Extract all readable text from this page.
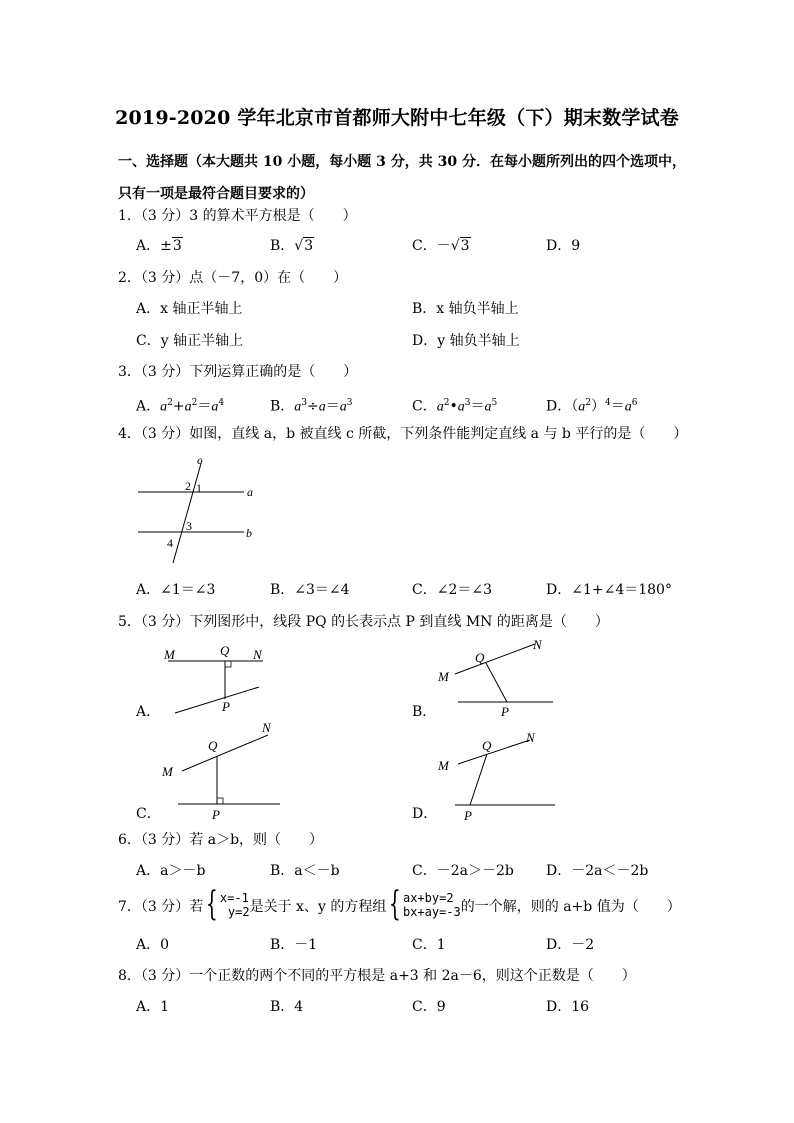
2019-2020 学年北京市首都师大附中七年级（下）期末数学试卷
一、选择题（本大题共 10 小题，每小题 3 分，共 30 分．在每小题所列出的四个选项中，只有一项是最符合题目要求的）
1．（3 分）3 的算术平方根是（　　）
A．±3	B．√3	C．－√3	D．9
2．（3 分）点（－7，0）在（　　）
A．x 轴正半轴上	B．x 轴负半轴上
C．y 轴正半轴上	D．y 轴负半轴上
3．（3 分）下列运算正确的是（　　）
A．$a^2+a^2=a^4$	B．$a^3\div a=a^3$	C．$a^2•a^3=a^5$	D．$(a^2)^4=a^6$
4．（3 分）如图，直线 a，b 被直线 c 所截，下列条件能判定直线 a 与 b 平行的是（　　）
c
2 1	a
3	b
4
A．∠1＝∠3	B．∠3＝∠4	C．∠2＝∠3	D．∠1+∠4＝180°
5．（3 分）下列图形中，线段 PQ 的长表示点 P 到直线 MN 的距离是（　　）
A．
M	Q N
P	B．
M
Q
N
P
C．
M
Q
N
P	D．
M
Q
N
P
6．（3 分）若 a＞b，则（　　）
A．a＞－b	B．a＜－b	C．－2a＞－2b D．－2a＜－2b
7．（3 分）若{ x=-1
y=2是关于 x、y 的方程组{ ax+by=2
bx+ay=-3的一个解，则的 a+b 值为（　　）
A．0	B．－1	C．1	D．－2
8．（3 分）一个正数的两个不同的平方根是 a+3 和 2a－6，则这个正数是（　　）
A．1	B．4	C．9	D．16
